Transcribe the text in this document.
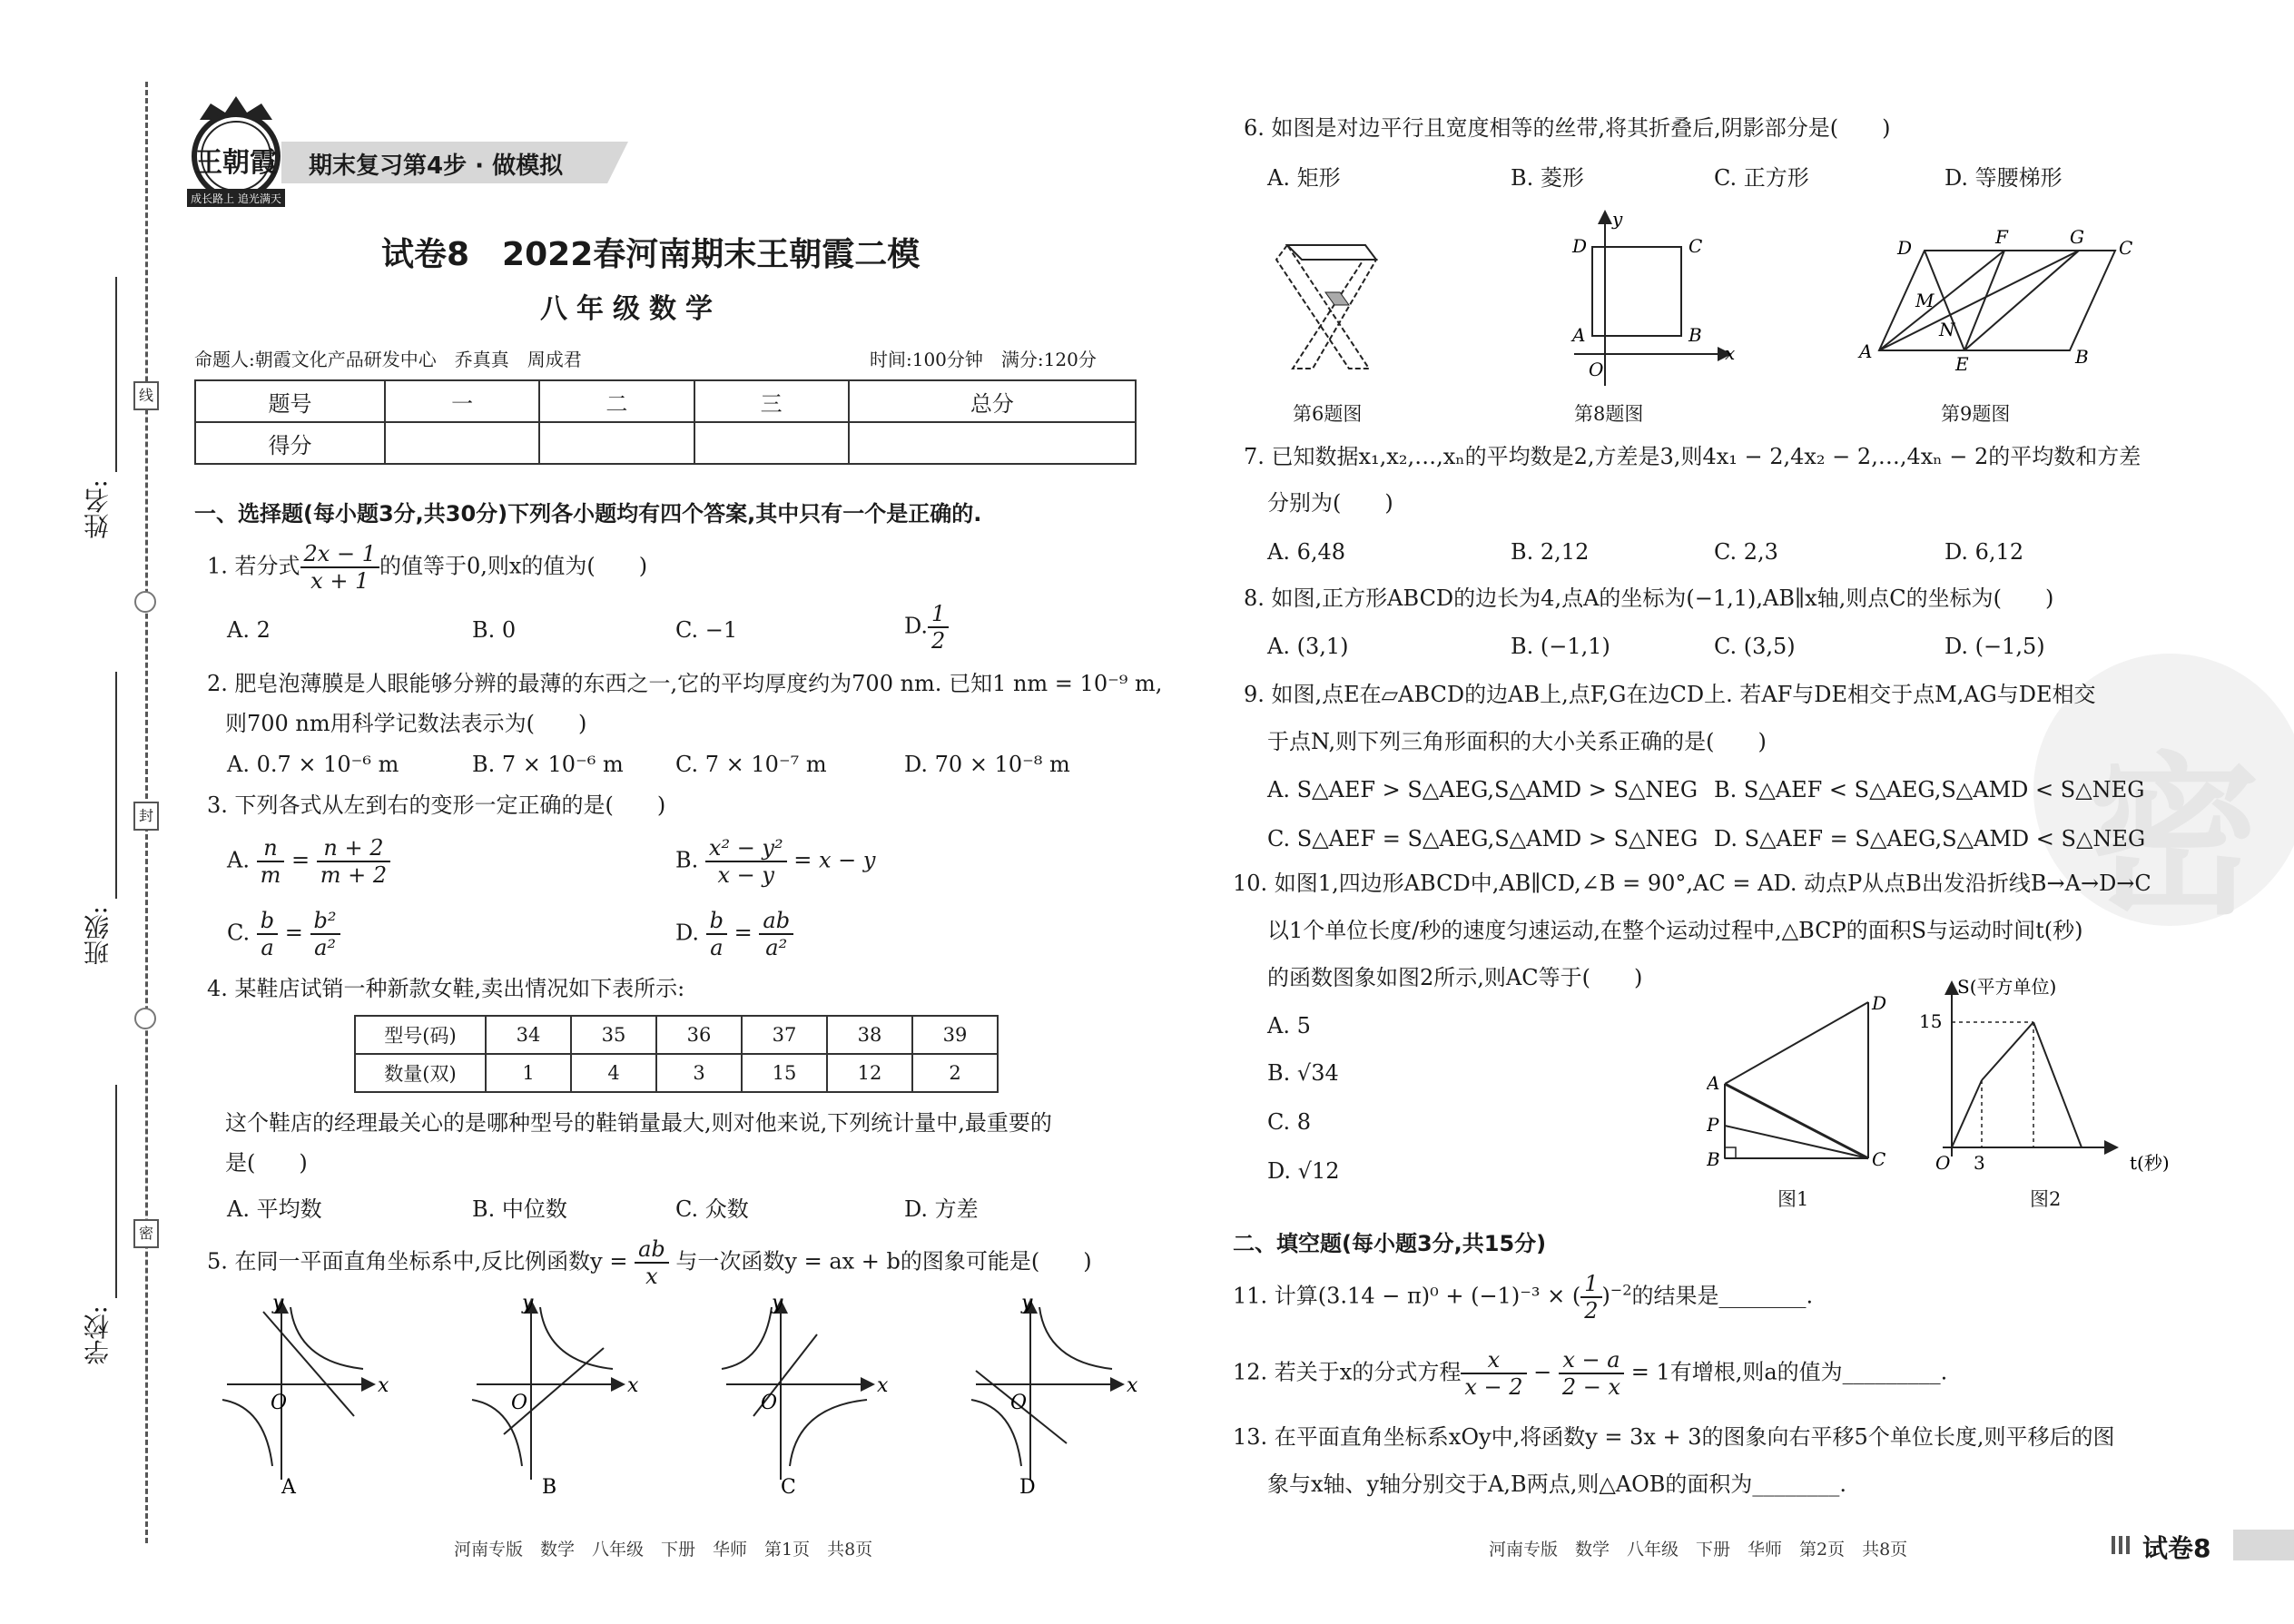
线
封
密
姓名:
班级:
学校:
王朝霞
成长路上 追光满天
期末复习第4步 · 做模拟
试卷8　2022春河南期末王朝霞二模
八年级数学
命题人:朝霞文化产品研发中心　乔真真　周成君	时间:100分钟　满分:120分
题号	一	二	三	总分
得分				
一、选择题(每小题3分,共30分)下列各小题均有四个答案,其中只有一个是正确的.
1. 若分式 $\frac{2x - 1}{x + 1}$ 的值等于0,则x的值为(　　)
A. 2	B. 0	C. −1	D. $\frac{1}{2}$
2. 肥皂泡薄膜是人眼能够分辨的最薄的东西之一,它的平均厚度约为700 nm. 已知1 nm = 10⁻⁹ m,
则700 nm用科学记数法表示为(　　)
A. 0.7 × 10⁻⁶ m	B. 7 × 10⁻⁶ m C. 7 × 10⁻⁷ m	D. 70 × 10⁻⁸ m
3. 下列各式从左到右的变形一定正确的是(　　)
A. $\frac{n}{m} = \frac{n + 2}{m + 2}$	B. $\frac{\text{x² − y²}}{x - y} = x - y$
C. $\frac{b}{a} = \frac{\text{b²}}{\text{a²}}$	D. $\frac{b}{a} = \frac{ab}{\text{a²}}$
4. 某鞋店试销一种新款女鞋,卖出情况如下表所示:
型号(码)	34	35	36	37	38	39
数量(双)	1	4	3	15	12	2
这个鞋店的经理最关心的是哪种型号的鞋销量最大,则对他来说,下列统计量中,最重要的
是(　　)
A. 平均数	B. 中位数	C. 众数	D. 方差
5. 在同一平面直角坐标系中,反比例函数$y = \frac{ab}{x}$ 与一次函数y = ax + b的图象可能是(　　)
x
y
O
A
x
y
O
B
x
y
O
C
x
y
O
D
河南专版　数学　八年级　下册　华师　第1页　共8页
密
6. 如图是对边平行且宽度相等的丝带,将其折叠后,阴影部分是(　　)
A. 矩形	B. 菱形	C. 正方形	D. 等腰梯形
第6题图
D	C
A	B
O
x
y
第8题图
D	F	G C
M
N
A
E	B
第9题图
7. 已知数据x₁,x₂,…,xₙ的平均数是2,方差是3,则4x₁ − 2,4x₂ − 2,…,4xₙ − 2的平均数和方差
分别为(　　)
A. 6,48	B. 2,12	C. 2,3	D. 6,12
8. 如图,正方形ABCD的边长为4,点A的坐标为(−1,1),AB∥x轴,则点C的坐标为(　　)
A. (3,1)	B. (−1,1)	C. (3,5)	D. (−1,5)
9. 如图,点E在▱ABCD的边AB上,点F,G在边CD上. 若AF与DE相交于点M,AG与DE相交
于点N,则下列三角形面积的大小关系正确的是(　　)
A. S△AEF > S△AEG,S△AMD > S△NEG B. S△AEF < S△AEG,S△AMD < S△NEG
C. S△AEF = S△AEG,S△AMD > S△NEG D. S△AEF = S△AEG,S△AMD < S△NEG
10. 如图1,四边形ABCD中,AB∥CD,∠B = 90°,AC = AD. 动点P从点B出发沿折线B→A→D→C
以1个单位长度/秒的速度匀速运动,在整个运动过程中,△BCP的面积S与运动时间t(秒)
的函数图象如图2所示,则AC等于(　　)
A. 5
B. √34
C. 8
D. √12
D
A
P
B	C
图1
S(平方单位)
15
3
O	t(秒)
图2
二、填空题(每小题3分,共15分)
11. 计算(3.14 − π)⁰ + (−1)⁻³ × ( $\frac{1}{2} )^{-2}$的结果是________.
12. 若关于x的分式方程 $\frac{x}{x - 2} - \frac{x - a}{2 - x} = 1$有增根,则a的值为_________.
13. 在平面直角坐标系xOy中,将函数y = 3x + 3的图象向右平移5个单位长度,则平移后的图
象与x轴、y轴分别交于A,B两点,则△AOB的面积为________.
河南专版　数学　八年级　下册　华师　第2页　共8页	试卷8
